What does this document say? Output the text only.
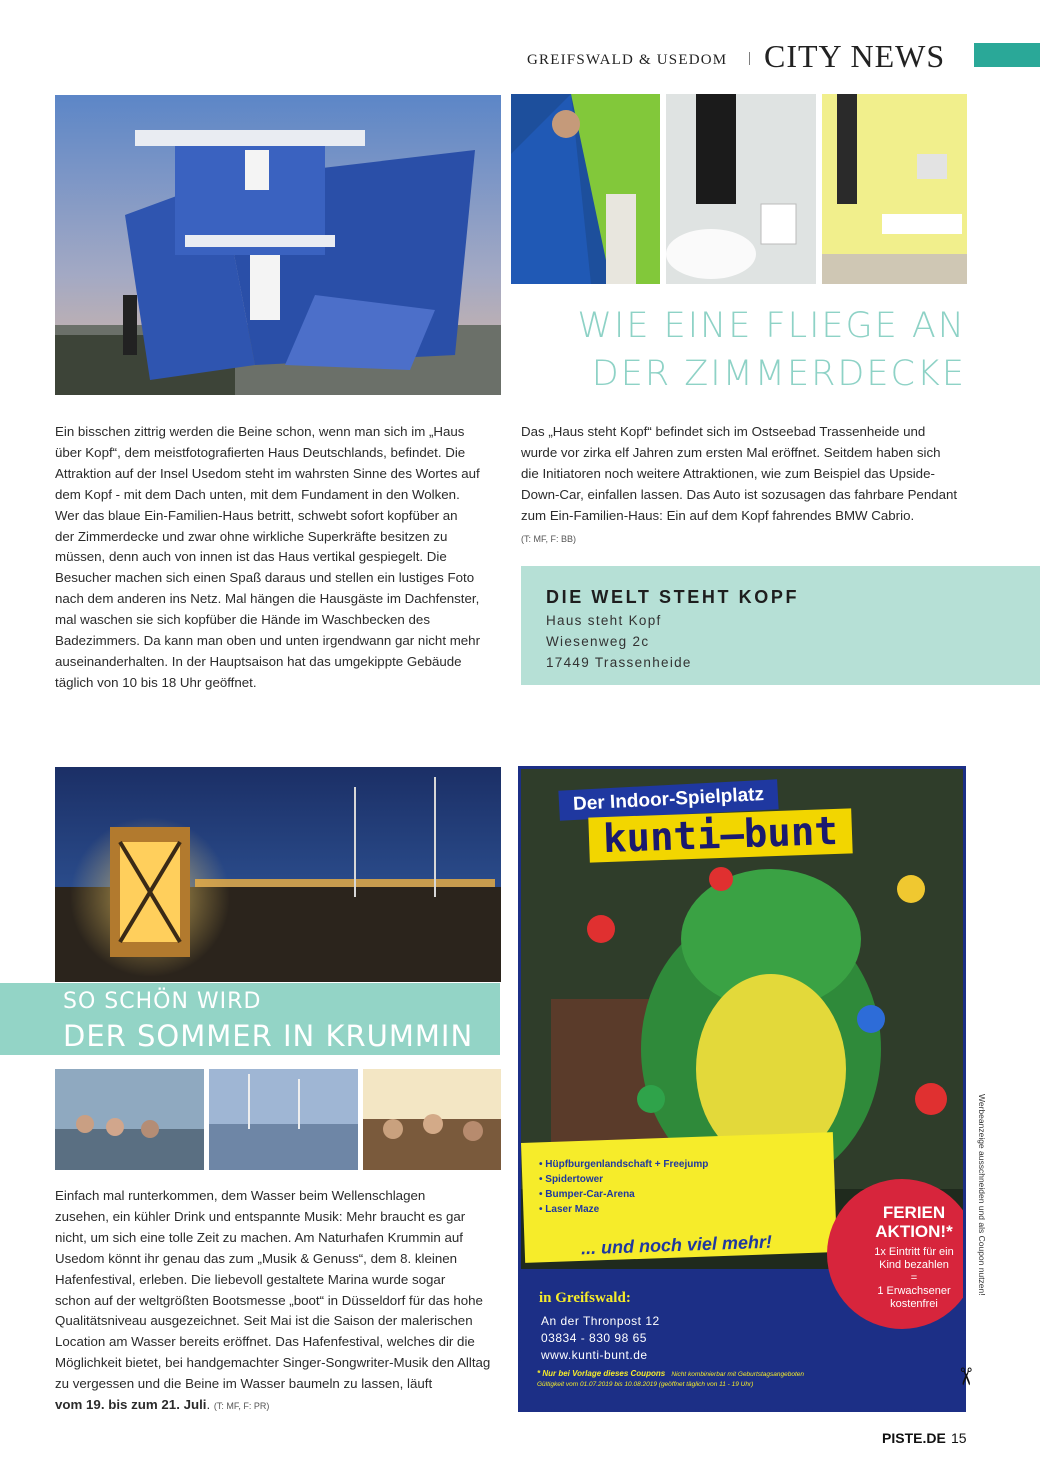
GREIFSWALD & USEDOM | CITY NEWS
WIE EINE FLIEGE AN
DER ZIMMERDECKE
Ein bisschen zittrig werden die Beine schon, wenn man sich im „Haus
über Kopf“, dem meistfotografierten Haus Deutschlands, befindet. Die
Attraktion auf der Insel Usedom steht im wahrsten Sinne des Wortes auf
dem Kopf - mit dem Dach unten, mit dem Fundament in den Wolken.
Wer das blaue Ein-Familien-Haus betritt, schwebt sofort kopfüber an
der Zimmerdecke und zwar ohne wirkliche Superkräfte besitzen zu
müssen, denn auch von innen ist das Haus vertikal gespiegelt. Die
Besucher machen sich einen Spaß daraus und stellen ein lustiges Foto
nach dem anderen ins Netz. Mal hängen die Hausgäste im Dachfenster,
mal waschen sie sich kopfüber die Hände im Waschbecken des
Badezimmers. Da kann man oben und unten irgendwann gar nicht mehr
auseinanderhalten. In der Hauptsaison hat das umgekippte Gebäude
täglich von 10 bis 18 Uhr geöffnet.
Das „Haus steht Kopf“ befindet sich im Ostseebad Trassenheide und
wurde vor zirka elf Jahren zum ersten Mal eröffnet. Seitdem haben sich
die Initiatoren noch weitere Attraktionen, wie zum Beispiel das Upside-
Down-Car, einfallen lassen. Das Auto ist sozusagen das fahrbare Pendant
zum Ein-Familien-Haus: Ein auf dem Kopf fahrendes BMW Cabrio.
(T: MF, F: BB)
DIE WELT STEHT KOPF
Haus steht Kopf
Wiesenweg 2c
17449 Trassenheide
SO SCHÖN WIRD
DER SOMMER IN KRUMMIN
Einfach mal runterkommen, dem Wasser beim Wellenschlagen
zusehen, ein kühler Drink und entspannte Musik: Mehr braucht es gar
nicht, um sich eine tolle Zeit zu machen. Am Naturhafen Krummin auf
Usedom könnt ihr genau das zum „Musik & Genuss“, dem 8. kleinen
Hafenfestival, erleben. Die liebevoll gestaltete Marina wurde sogar
schon auf der weltgrößten Bootsmesse „boot“ in Düsseldorf für das hohe
Qualitätsniveau ausgezeichnet. Seit Mai ist die Saison der malerischen
Location am Wasser bereits eröffnet. Das Hafenfestival, welches dir die
Möglichkeit bietet, bei handgemachter Singer-Songwriter-Musik den Alltag
zu vergessen und die Beine im Wasser baumeln zu lassen, läuft
vom 19. bis zum 21. Juli. (T: MF, F: PR)
Der Indoor-Spielplatz
kunti–bunt
• Hüpfburgenlandschaft + Freejump
• Spidertower
• Bumper-Car-Arena
• Laser Maze
... und noch viel mehr!
in Greifswald:
An der Thronpost 12
03834 - 830 98 65
www.kunti-bunt.de
* Nur bei Vorlage dieses Coupons Nicht kombinierbar mit Geburtstagsangeboten
Gültigkeit vom 01.07.2019 bis 10.08.2019 (geöffnet täglich von 11 - 19 Uhr)
FERIEN
AKTION!*
1x Eintritt für ein
Kind bezahlen
=
1 Erwachsener
kostenfrei
Werbeanzeige ausschneiden und als Coupon nutzen!
✂
PISTE.DE 15
